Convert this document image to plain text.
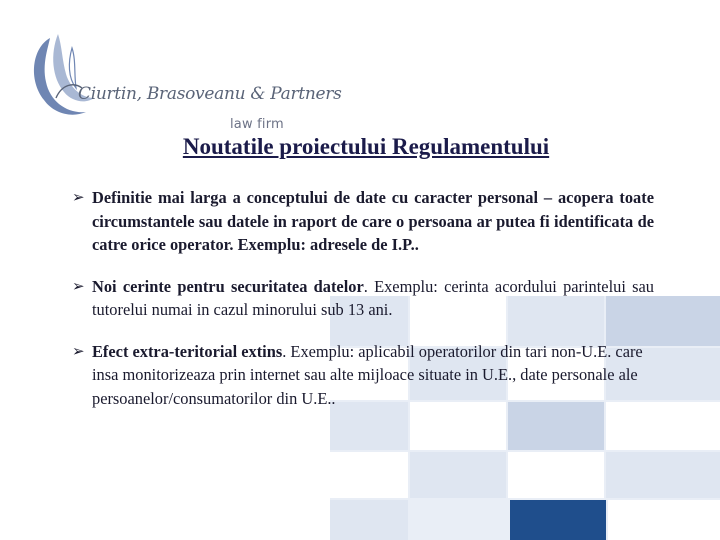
Ciurtin, Brasoveanu & Partners
law firm
Noutatile proiectului Regulamentului
➢ Definitie mai larga a conceptului de date cu caracter personal – acopera toate circumstantele sau datele in raport de care o persoana ar putea fi identificata de catre orice operator. Exemplu: adresele de I.P..
➢ Noi cerinte pentru securitatea datelor. Exemplu: cerinta acordului parintelui sau tutorelui numai in cazul minorului sub 13 ani.
➢ Efect extra-teritorial extins. Exemplu: aplicabil operatorilor din tari non-U.E. care insa monitorizeaza prin internet sau alte mijloace situate in U.E., date personale ale persoanelor/consumatorilor din U.E..
